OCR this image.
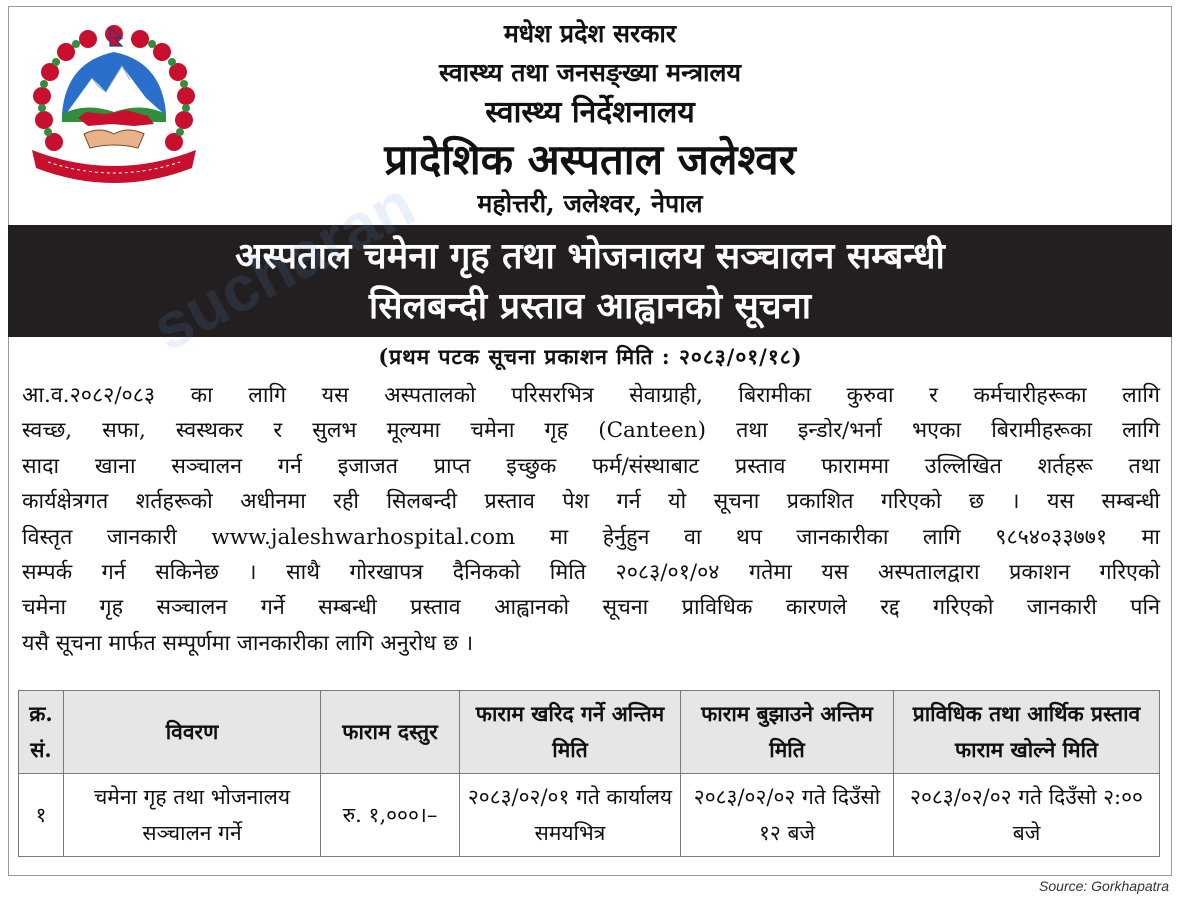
मधेश प्रदेश सरकार
स्वास्थ्य तथा जनसङ्ख्या मन्त्रालय
स्वास्थ्य निर्देशनालय
प्रादेशिक अस्पताल जलेश्वर
महोत्तरी, जलेश्वर, नेपाल
अस्पताल चमेना गृह तथा भोजनालय सञ्चालन सम्बन्धी
सिलबन्दी प्रस्ताव आह्वानको सूचना
(प्रथम पटक सूचना प्रकाशन मिति : २०८३/०१/१८)
आ.व.२०८२/०८३ का लागि यस अस्पतालको परिसरभित्र सेवाग्राही, बिरामीका कुरुवा र कर्मचारीहरूका लागि
स्वच्छ, सफा, स्वस्थकर र सुलभ मूल्यमा चमेना गृह (Canteen) तथा इन्डोर/भर्ना भएका बिरामीहरूका लागि
सादा खाना सञ्चालन गर्न इजाजत प्राप्त इच्छुक फर्म/संस्थाबाट प्रस्ताव फाराममा उल्लिखित शर्तहरू तथा
कार्यक्षेत्रगत शर्तहरूको अधीनमा रही सिलबन्दी प्रस्ताव पेश गर्न यो सूचना प्रकाशित गरिएको छ । यस सम्बन्धी
विस्तृत जानकारी www.jaleshwarhospital.com मा हेर्नुहुन वा थप जानकारीका लागि ९८५४०३३७७१ मा
सम्पर्क गर्न सकिनेछ । साथै गोरखापत्र दैनिकको मिति २०८३/०१/०४ गतेमा यस अस्पतालद्वारा प्रकाशन गरिएको
चमेना गृह सञ्चालन गर्ने सम्बन्धी प्रस्ताव आह्वानको सूचना प्राविधिक कारणले रद्द गरिएको जानकारी पनि
यसै सूचना मार्फत सम्पूर्णमा जानकारीका लागि अनुरोध छ ।
क्र. सं.	विवरण	फाराम दस्तुर	फाराम खरिद गर्ने अन्तिम मिति	फाराम बुझाउने अन्तिम मिति	प्राविधिक तथा आर्थिक प्रस्ताव फाराम खोल्ने मिति
१	चमेना गृह तथा भोजनालय सञ्चालन गर्ने	रु. १,०००।–	२०८३/०२/०१ गते कार्यालय समयभित्र	२०८३/०२/०२ गते दिउँसो १२ बजे	२०८३/०२/०२ गते दिउँसो २:०० बजे
Source: Gorkhapatra
